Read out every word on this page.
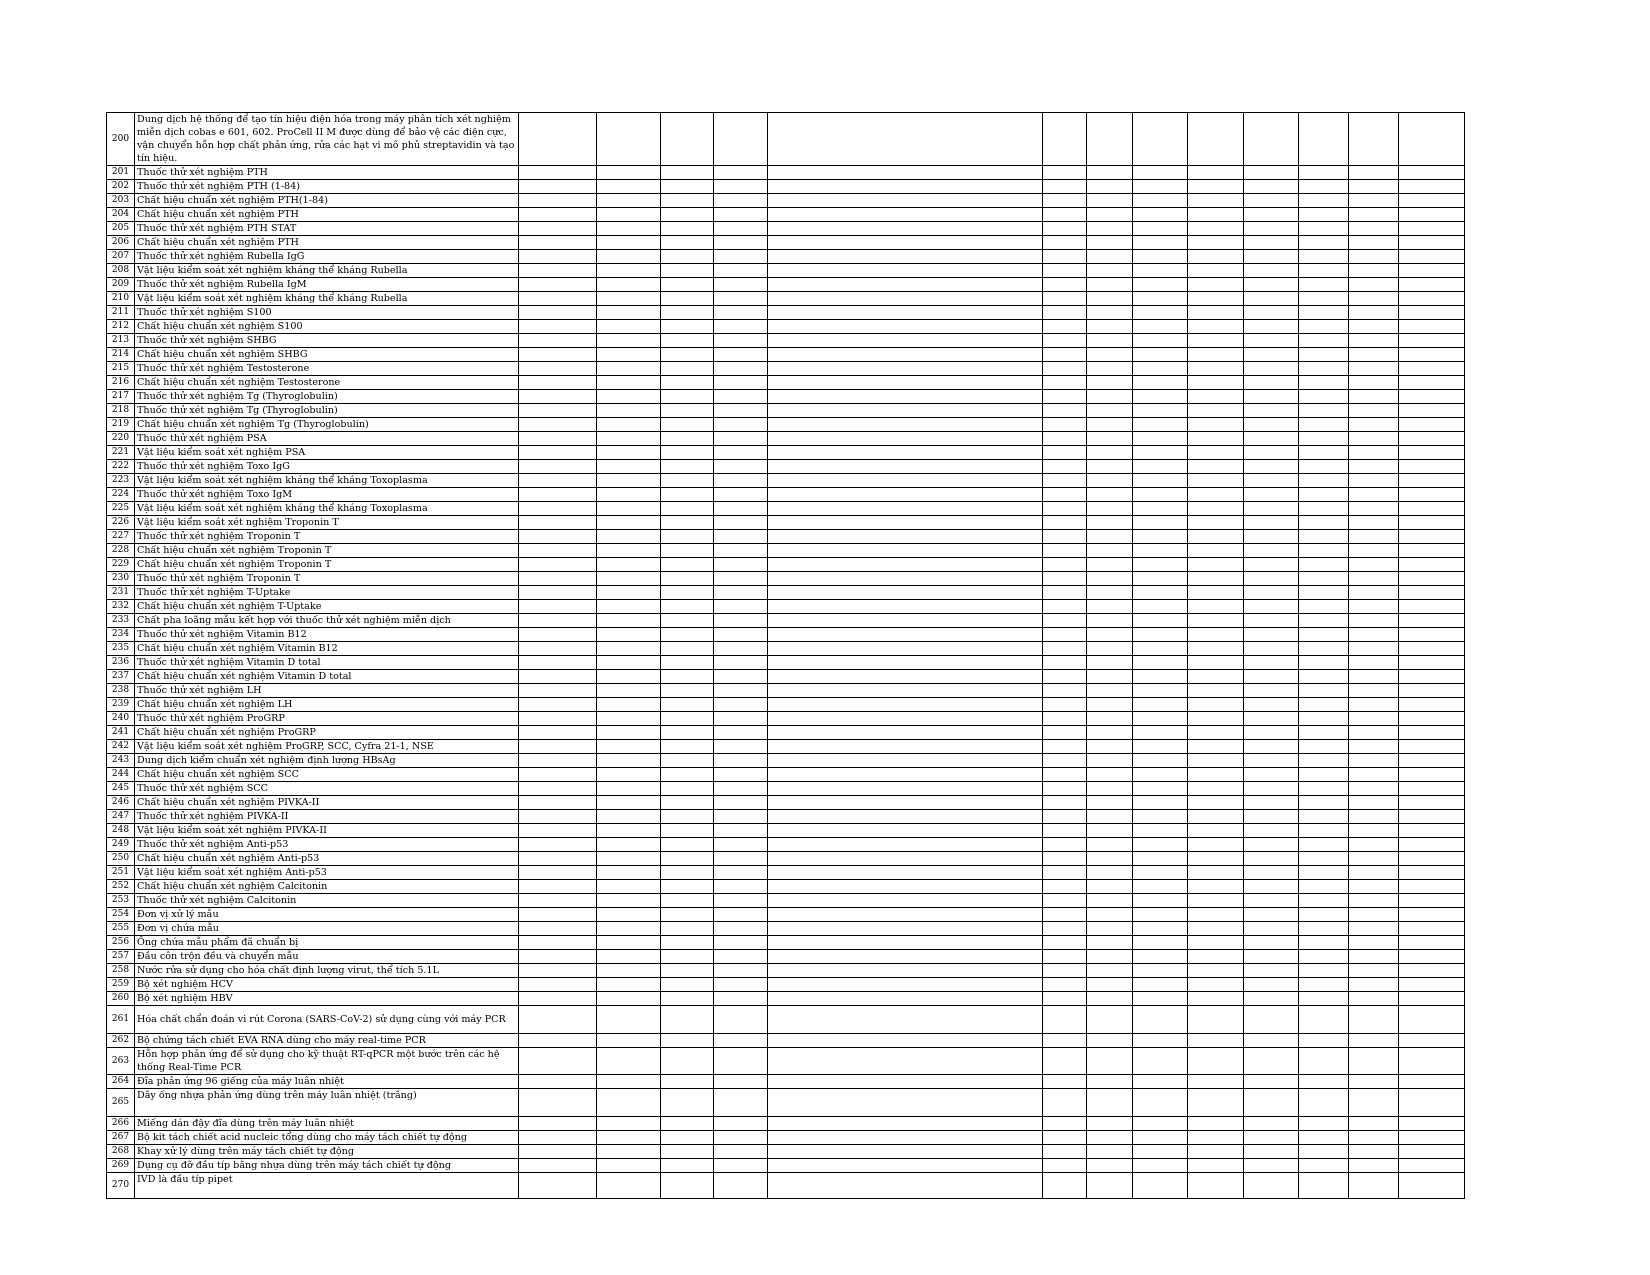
200	Dung dịch hệ thống để tạo tín hiệu điện hóa trong máy phân tích xét nghiệm miễn dịch cobas e 601, 602. ProCell II M được dùng để bảo vệ các điện cực, vận chuyển hỗn hợp chất phản ứng, rửa các hạt vi mô phủ streptavidin và tạo tín hiệu.													
201	Thuốc thử xét nghiệm PTH													
202	Thuốc thử xét nghiệm PTH (1-84)													
203	Chất hiệu chuẩn xét nghiệm PTH(1-84)													
204	Chất hiệu chuẩn xét nghiệm PTH													
205	Thuốc thử xét nghiệm PTH STAT													
206	Chất hiệu chuẩn xét nghiệm PTH													
207	Thuốc thử xét nghiệm Rubella IgG													
208	Vật liệu kiểm soát xét nghiệm kháng thể kháng Rubella													
209	Thuốc thử xét nghiệm Rubella IgM													
210	Vật liệu kiểm soát xét nghiệm kháng thể kháng Rubella													
211	Thuốc thử xét nghiệm S100													
212	Chất hiệu chuẩn xét nghiệm S100													
213	Thuốc thử xét nghiệm SHBG													
214	Chất hiệu chuẩn xét nghiệm SHBG													
215	Thuốc thử xét nghiệm Testosterone													
216	Chất hiệu chuẩn xét nghiệm Testosterone													
217	Thuốc thử xét nghiệm Tg (Thyroglobulin)													
218	Thuốc thử xét nghiệm Tg (Thyroglobulin)													
219	Chất hiệu chuẩn xét nghiệm Tg (Thyroglobulin)													
220	Thuốc thử xét nghiệm PSA													
221	Vật liệu kiểm soát xét nghiệm PSA													
222	Thuốc thử xét nghiệm Toxo IgG													
223	Vật liệu kiểm soát xét nghiệm kháng thể kháng Toxoplasma													
224	Thuốc thử xét nghiệm Toxo IgM													
225	Vật liệu kiểm soát xét nghiệm kháng thể kháng Toxoplasma													
226	Vật liệu kiểm soát xét nghiệm Troponin T													
227	Thuốc thử xét nghiệm Troponin T													
228	Chất hiệu chuẩn xét nghiệm Troponin T													
229	Chất hiệu chuẩn xét nghiệm Troponin T													
230	Thuốc thử xét nghiệm Troponin T													
231	Thuốc thử xét nghiệm T-Uptake													
232	Chất hiệu chuẩn xét nghiệm T-Uptake													
233	Chất pha loãng mẫu kết hợp với thuốc thử xét nghiệm miễn dịch													
234	Thuốc thử xét nghiệm Vitamin B12													
235	Chất hiệu chuẩn xét nghiệm Vitamin B12													
236	Thuốc thử xét nghiệm Vitamin D total													
237	Chất hiệu chuẩn xét nghiệm Vitamin D total													
238	Thuốc thử xét nghiệm LH													
239	Chất hiệu chuẩn xét nghiệm LH													
240	Thuốc thử xét nghiệm ProGRP													
241	Chất hiệu chuẩn xét nghiệm ProGRP													
242	Vật liệu kiểm soát xét nghiệm ProGRP, SCC, Cyfra 21-1, NSE													
243	Dung dịch kiểm chuẩn xét nghiệm định lượng HBsAg													
244	Chất hiệu chuẩn xét nghiệm SCC													
245	Thuốc thử xét nghiệm SCC													
246	Chất hiệu chuẩn xét nghiệm PIVKA-II													
247	Thuốc thử xét nghiệm PIVKA-II													
248	Vật liệu kiểm soát xét nghiệm PIVKA-II													
249	Thuốc thử xét nghiệm Anti-p53													
250	Chất hiệu chuẩn xét nghiệm Anti-p53													
251	Vật liệu kiểm soát xét nghiệm Anti-p53													
252	Chất hiệu chuẩn xét nghiệm Calcitonin													
253	Thuốc thử xét nghiệm Calcitonin													
254	Đơn vị xử lý mẫu													
255	Đơn vị chứa mẫu													
256	Ống chứa mẫu phẩm đã chuẩn bị													
257	Đầu côn trộn đều và chuyển mẫu													
258	Nước rửa sử dụng cho hóa chất định lượng virut, thể tích 5.1L													
259	Bộ xét nghiệm HCV													
260	Bộ xét nghiệm HBV													
261	Hóa chất chẩn đoán vi rút Corona (SARS-CoV-2) sử dụng cùng với máy PCR													
262	Bộ chứng tách chiết EVA RNA dùng cho máy real-time PCR													
263	Hỗn hợp phản ứng để sử dụng cho kỹ thuật RT-qPCR một bước trên các hệ thống Real-Time PCR													
264	Đĩa phản ứng 96 giếng của máy luân nhiệt													
265	Dãy ống nhựa phản ứng dùng trên máy luân nhiệt (trắng)													
266	Miếng dán đậy đĩa dùng trên máy luân nhiệt													
267	Bộ kit tách chiết acid nucleic tổng dùng cho máy tách chiết tự động													
268	Khay xử lý dùng trên máy tách chiết tự động													
269	Dụng cụ đỡ đầu típ bằng nhựa dùng trên máy tách chiết tự động													
270	IVD là đầu típ pipet													
